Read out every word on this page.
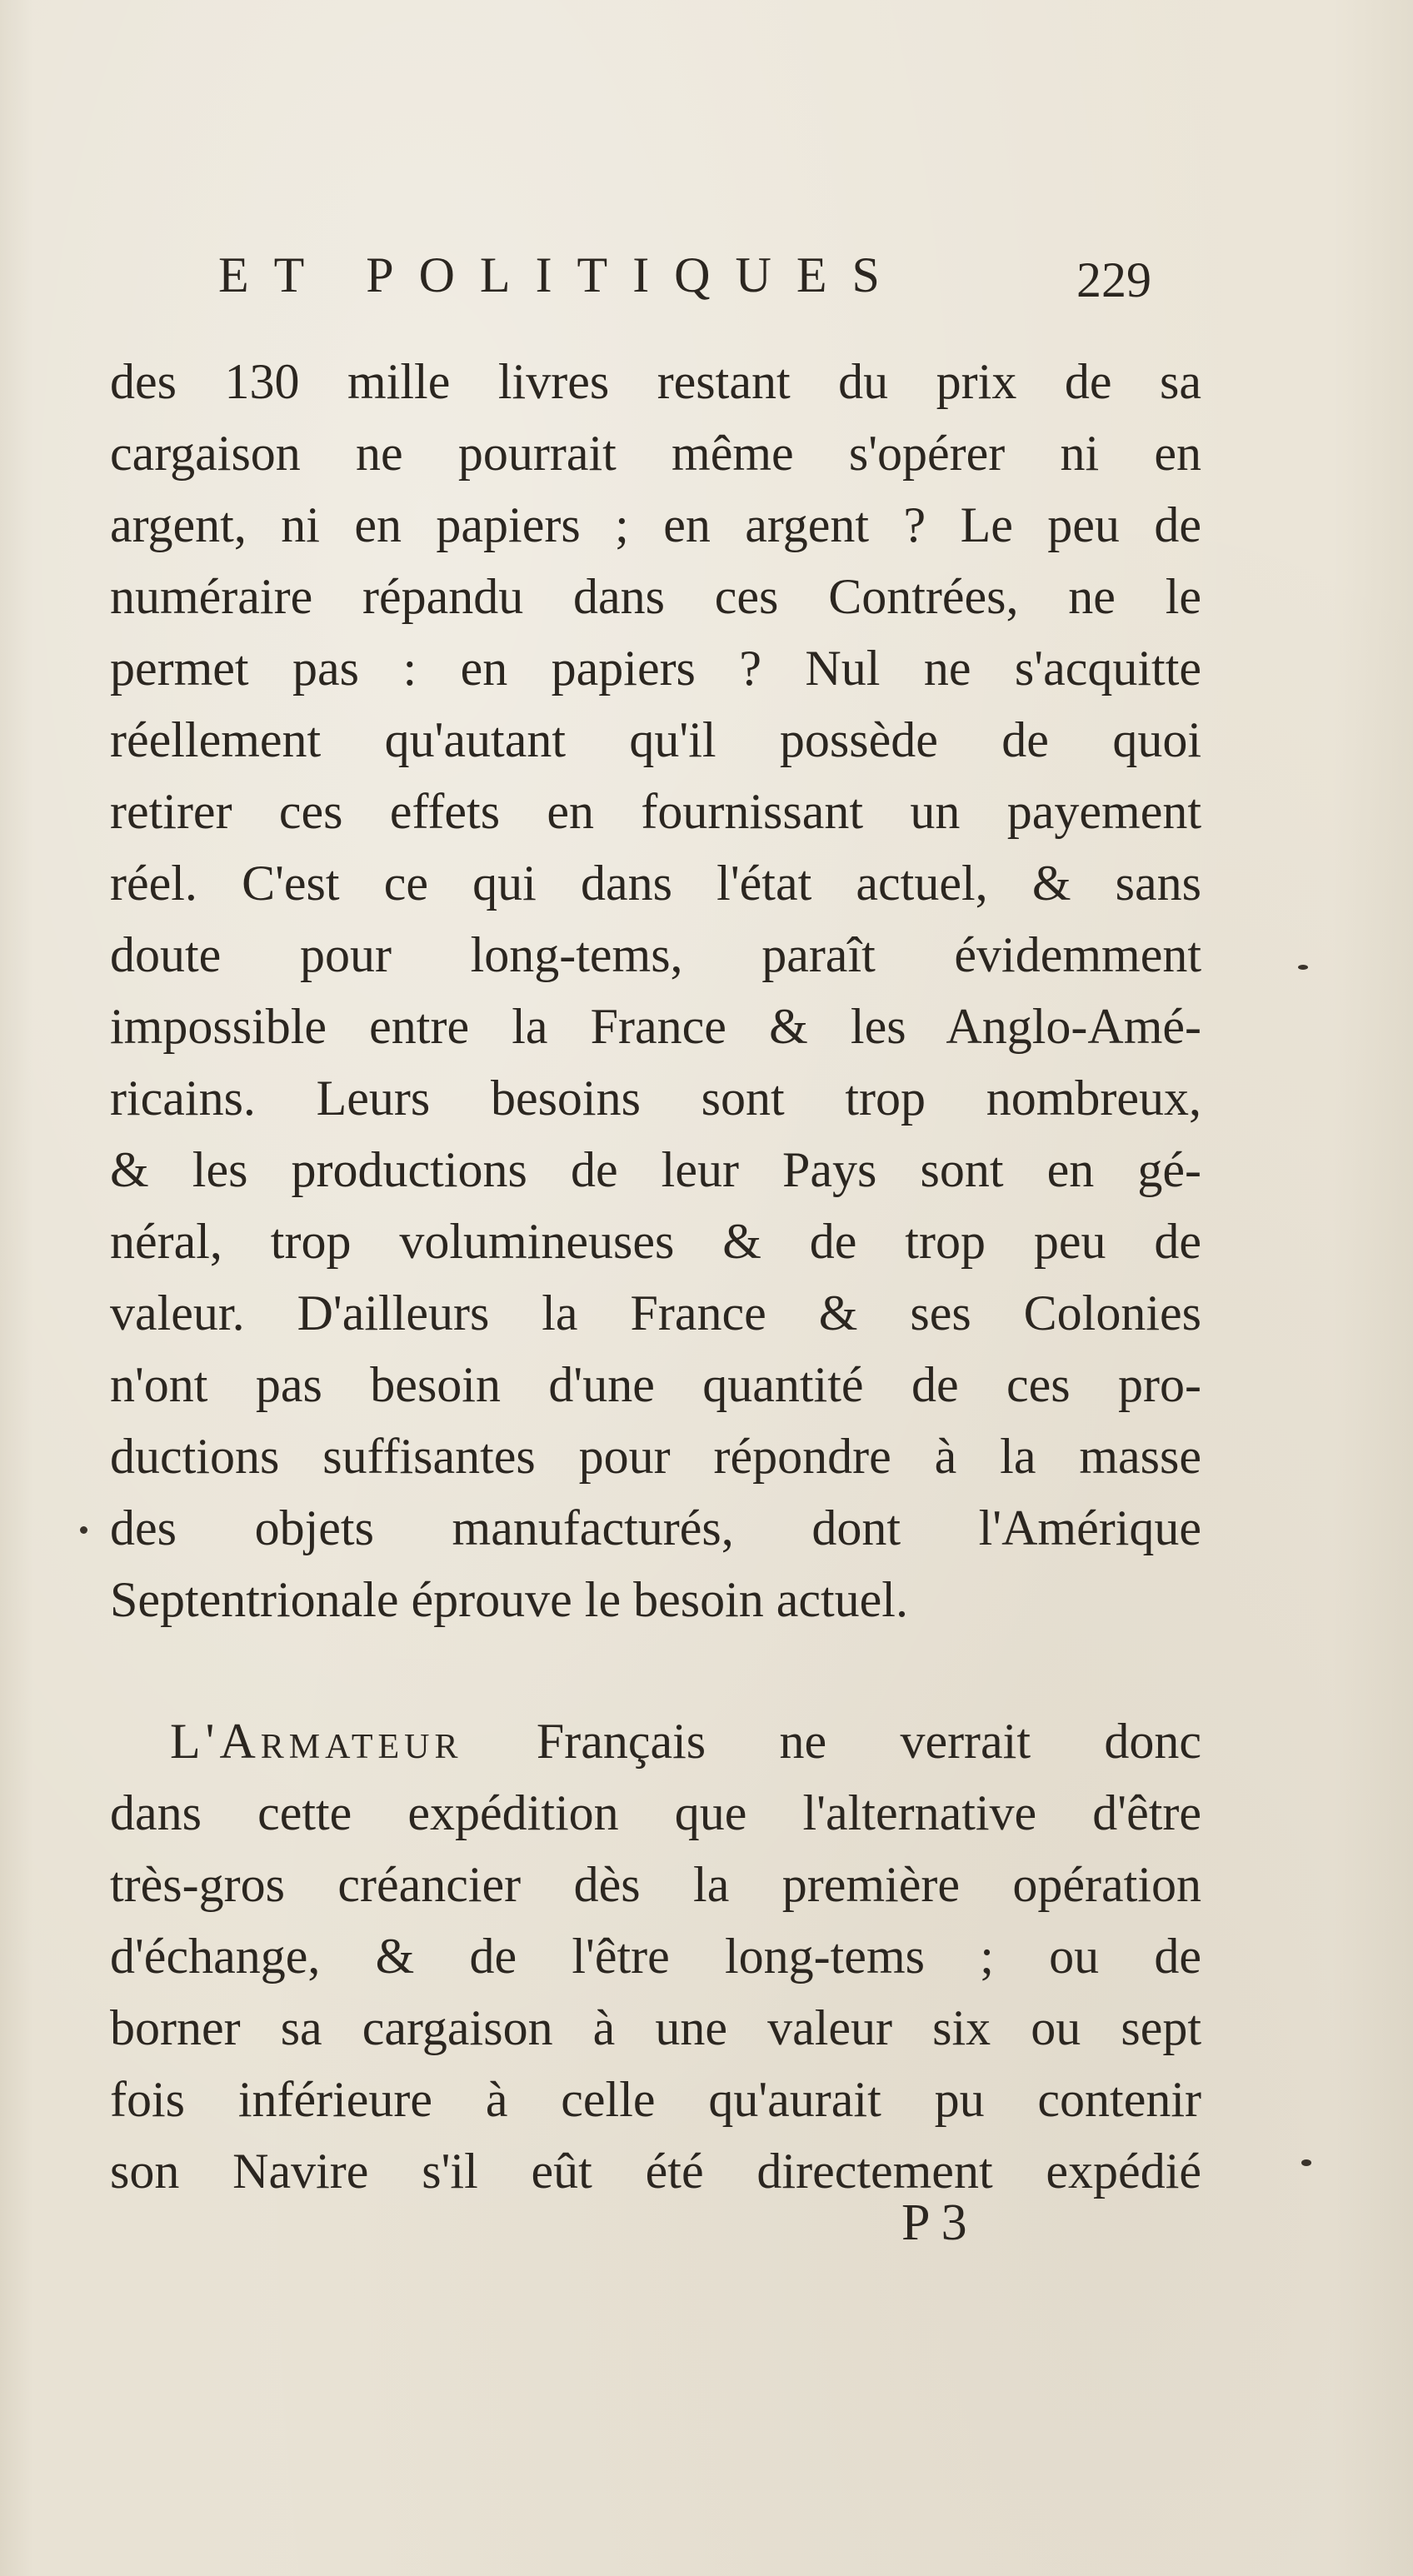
ET POLITIQUES	229
des 130 mille livres restant du prix de sa
cargaison ne pourrait même s'opérer ni en
argent, ni en papiers ; en argent ? Le peu de
numéraire répandu dans ces Contrées, ne le
permet pas : en papiers ? Nul ne s'acquitte
réellement qu'autant qu'il possède de quoi
retirer ces effets en fournissant un payement
réel. C'est ce qui dans l'état actuel, & sans
doute pour long-tems, paraît évidemment
impossible entre la France & les Anglo-Amé-
ricains. Leurs besoins sont trop nombreux,
& les productions de leur Pays sont en gé-
néral, trop volumineuses & de trop peu de
valeur. D'ailleurs la France & ses Colonies
n'ont pas besoin d'une quantité de ces pro-
ductions suffisantes pour répondre à la masse
des objets manufacturés, dont l'Amérique
Septentrionale éprouve le besoin actuel.
L'Armateur Français ne verrait donc
dans cette expédition que l'alternative d'être
très-gros créancier dès la première opération
d'échange, & de l'être long-tems ; ou de
borner sa cargaison à une valeur six ou sept
fois inférieure à celle qu'aurait pu contenir
son Navire s'il eût été directement expédié
P 3
